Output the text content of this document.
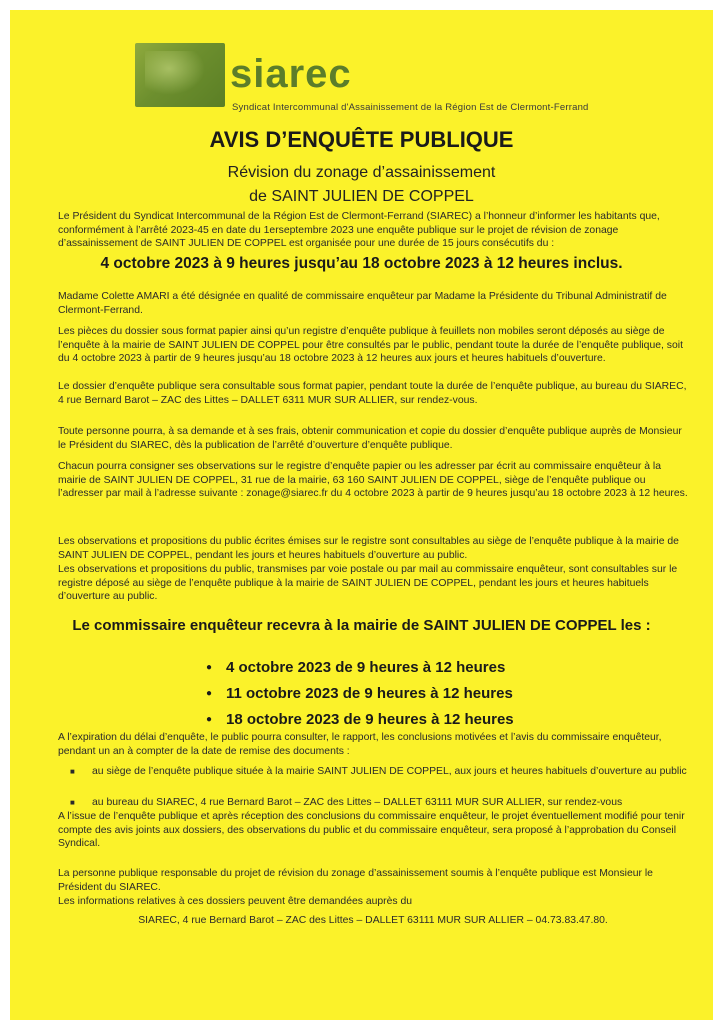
siarec
Syndicat Intercommunal d'Assainissement de la Région Est de Clermont-Ferrand
AVIS D’ENQUÊTE PUBLIQUE
Révision du zonage d’assainissement
de SAINT JULIEN DE COPPEL

Le Président du Syndicat Intercommunal de la Région Est de Clermont-Ferrand (SIAREC) a l’honneur d’informer les habitants que, conformément à l’arrêté 2023-45 en date du 1erseptembre 2023 une enquête publique sur le projet de révision de zonage d’assainissement de SAINT JULIEN DE COPPEL est organisée pour une durée de 15 jours consécutifs du :

4 octobre 2023 à 9 heures jusqu’au 18 octobre 2023 à 12 heures inclus.

Madame Colette AMARI a été désignée en qualité de commissaire enquêteur par Madame la Présidente du Tribunal Administratif de Clermont-Ferrand.

Les pièces du dossier sous format papier ainsi qu’un registre d’enquête publique à feuillets non mobiles seront déposés au siège de l’enquête à la mairie de SAINT JULIEN DE COPPEL pour être consultés par le public, pendant toute la durée de l’enquête publique, soit du 4 octobre 2023 à partir de 9 heures jusqu’au 18 octobre 2023 à 12 heures aux jours et heures habituels d’ouverture.

Le dossier d’enquête publique sera consultable sous format papier, pendant toute la durée de l’enquête publique, au bureau du SIAREC, 4 rue Bernard Barot – ZAC des Littes – DALLET 6311 MUR SUR ALLIER, sur rendez-vous.

Toute personne pourra, à sa demande et à ses frais, obtenir communication et copie du dossier d’enquête publique auprès de Monsieur le Président du SIAREC, dès la publication de l’arrêté d’ouverture d’enquête publique.

Chacun pourra consigner ses observations sur le registre d’enquête papier ou les adresser par écrit au commissaire enquêteur à la mairie de SAINT JULIEN DE COPPEL, 31 rue de la mairie, 63 160 SAINT JULIEN DE COPPEL, siège de l’enquête publique ou l’adresser par mail à l’adresse suivante : zonage@siarec.fr du 4 octobre 2023 à partir de 9 heures jusqu’au 18 octobre 2023 à 12 heures.

Les observations et propositions du public écrites émises sur le registre sont consultables au siège de l’enquête publique à la mairie de SAINT JULIEN DE COPPEL, pendant les jours et heures habituels d’ouverture au public.

Les observations et propositions du public, transmises par voie postale ou par mail au commissaire enquêteur, sont consultables sur le registre déposé au siège de l’enquête publique à la mairie de SAINT JULIEN DE COPPEL, pendant les jours et heures habituels d’ouverture au public.

Le commissaire enquêteur recevra à la mairie de SAINT JULIEN DE COPPEL les :
● 4 octobre 2023 de 9 heures à 12 heures
● 11 octobre 2023 de 9 heures à 12 heures
● 18 octobre 2023 de 9 heures à 12 heures

A l’expiration du délai d’enquête, le public pourra consulter, le rapport, les conclusions motivées et l’avis du commissaire enquêteur, pendant un an à compter de la date de remise des documents :

■ au siège de l’enquête publique située à la mairie SAINT JULIEN DE COPPEL, aux jours et heures habituels d’ouverture au public
■ au bureau du SIAREC, 4 rue Bernard Barot – ZAC des Littes – DALLET 63111 MUR SUR ALLIER, sur rendez-vous

A l’issue de l’enquête publique et après réception des conclusions du commissaire enquêteur, le projet éventuellement modifié pour tenir compte des avis joints aux dossiers, des observations du public et du commissaire enquêteur, sera proposé à l’approbation du Conseil Syndical.

La personne publique responsable du projet de révision du zonage d’assainissement soumis à l’enquête publique est Monsieur le Président du SIAREC.

Les informations relatives à ces dossiers peuvent être demandées auprès du

SIAREC, 4 rue Bernard Barot – ZAC des Littes – DALLET 63111 MUR SUR ALLIER – 04.73.83.47.80.
